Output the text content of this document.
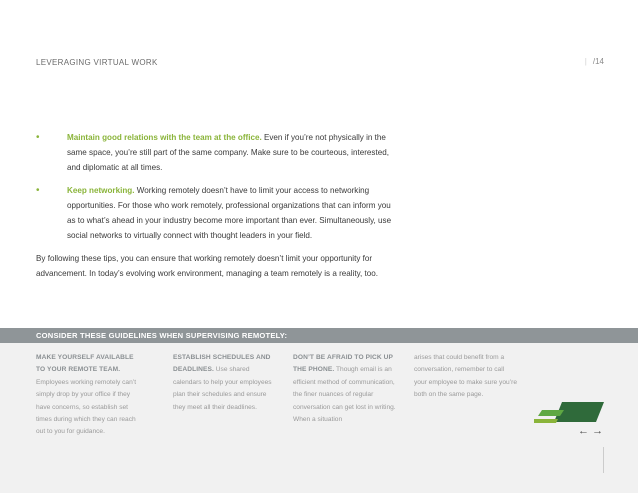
LEVERAGING VIRTUAL WORK	| /14
•	Maintain good relations with the team at the office. Even if you’re not physically in the same space, you’re still part of the same company. Make sure to be courteous, interested, and diplomatic at all times.
•	Keep networking. Working remotely doesn’t have to limit your access to networking opportunities. For those who work remotely, professional organizations that can inform you as to what’s ahead in your industry become more important than ever. Simultaneously, use social networks to virtually connect with thought leaders in your field.
By following these tips, you can ensure that working remotely doesn’t limit your opportunity for advancement. In today’s evolving work environment, managing a team remotely is a reality, too.
CONSIDER THESE GUIDELINES WHEN SUPERVISING REMOTELY:
MAKE YOURSELF AVAILABLE TO YOUR REMOTE TEAM. Employees working remotely can’t simply drop by your office if they have concerns, so establish set times during which they can reach out to you for guidance.
ESTABLISH SCHEDULES AND DEADLINES. Use shared calendars to help your employees plan their schedules and ensure they meet all their deadlines.
DON’T BE AFRAID TO PICK UP THE PHONE. Though email is an efficient method of communication, the finer nuances of regular conversation can get lost in writing. When a situation
arises that could benefit from a conversation, remember to call your employee to make sure you’re both on the same page.
← →
